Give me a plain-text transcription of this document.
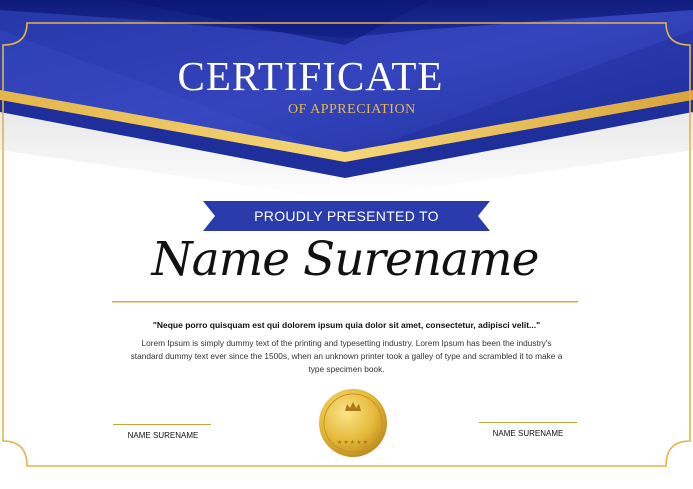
★★★★★
CERTIFICATE
OF APPRECIATION
PROUDLY PRESENTED TO
Name Surename
"Neque porro quisquam est qui dolorem ipsum quia dolor sit amet, consectetur, adipisci velit..."
Lorem Ipsum is simply dummy text of the printing and typesetting industry. Lorem Ipsum has been the industry's standard dummy text ever since the 1500s, when an unknown printer took a galley of type and scrambled it to make a type specimen book.
NAME SURENAME	NAME SURENAME
